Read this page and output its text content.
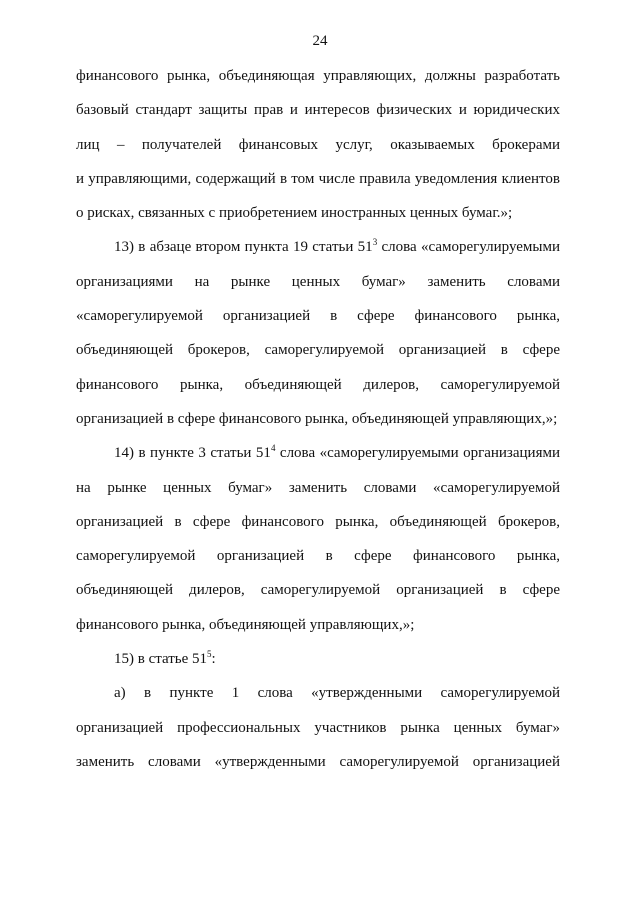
24
финансового рынка, объединяющая управляющих, должны разработать
базовый стандарт защиты прав и интересов физических и юридических
лиц – получателей финансовых услуг, оказываемых брокерами
и управляющими, содержащий в том числе правила уведомления клиентов
о рисках, связанных с приобретением иностранных ценных бумаг.»;
13) в абзаце втором пункта 19 статьи $51^3$ слова «саморегулируемыми
организациями на рынке ценных бумаг» заменить словами
«саморегулируемой организацией в сфере финансового рынка,
объединяющей брокеров, саморегулируемой организацией в сфере
финансового рынка, объединяющей дилеров, саморегулируемой
организацией в сфере финансового рынка, объединяющей управляющих,»;
14) в пункте 3 статьи $51^4$ слова «саморегулируемыми организациями
на рынке ценных бумаг» заменить словами «саморегулируемой
организацией в сфере финансового рынка, объединяющей брокеров,
саморегулируемой организацией в сфере финансового рынка,
объединяющей дилеров, саморегулируемой организацией в сфере
финансового рынка, объединяющей управляющих,»;
15) в статье $51^5$:
а) в пункте 1 слова «утвержденными саморегулируемой
организацией профессиональных участников рынка ценных бумаг»
заменить словами «утвержденными саморегулируемой организацией
